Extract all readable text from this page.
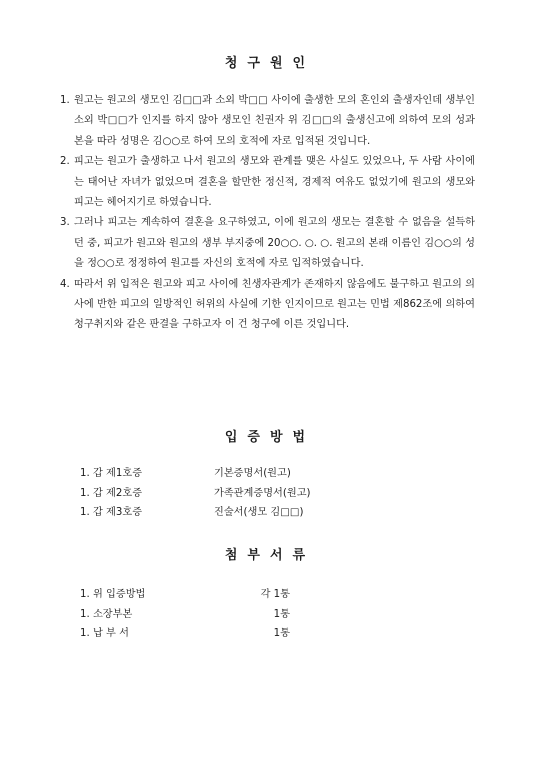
청구원인
1. 원고는 원고의 생모인 김□□과 소외 박□□ 사이에 출생한 모의 혼인외 출생자인데 생부인 소외 박□□가 인지를 하지 않아 생모인 친권자 위 김□□의 출생신고에 의하여 모의 성과 본을 따라 성명은 김○○로 하여 모의 호적에 자로 입적된 것입니다.
2. 피고는 원고가 출생하고 나서 원고의 생모와 관계를 맺은 사실도 있었으나, 두 사람 사이에는 태어난 자녀가 없었으며 결혼을 할만한 정신적, 경제적 여유도 없었기에 원고의 생모와 피고는 헤어지기로 하였습니다.
3. 그러나 피고는 계속하여 결혼을 요구하였고, 이에 원고의 생모는 결혼할 수 없음을 설득하던 중, 피고가 원고와 원고의 생부 부지중에 20○○. ○. ○. 원고의 본래 이름인 김○○의 성을 정○○로 정정하여 원고를 자신의 호적에 자로 입적하였습니다.
4. 따라서 위 입적은 원고와 피고 사이에 친생자관계가 존재하지 않음에도 불구하고 원고의 의사에 반한 피고의 일방적인 허위의 사실에 기한 인지이므로 원고는 민법 제862조에 의하여 청구취지와 같은 판결을 구하고자 이 건 청구에 이른 것입니다.
입증방법
1. 갑 제1호증	기본증명서(원고)
1. 갑 제2호증	가족관계증명서(원고)
1. 갑 제3호증	진술서(생모 김□□)
첨부서류
1. 위 입증방법	각 1통
1. 소장부본	1통
1. 납 부 서	1통
